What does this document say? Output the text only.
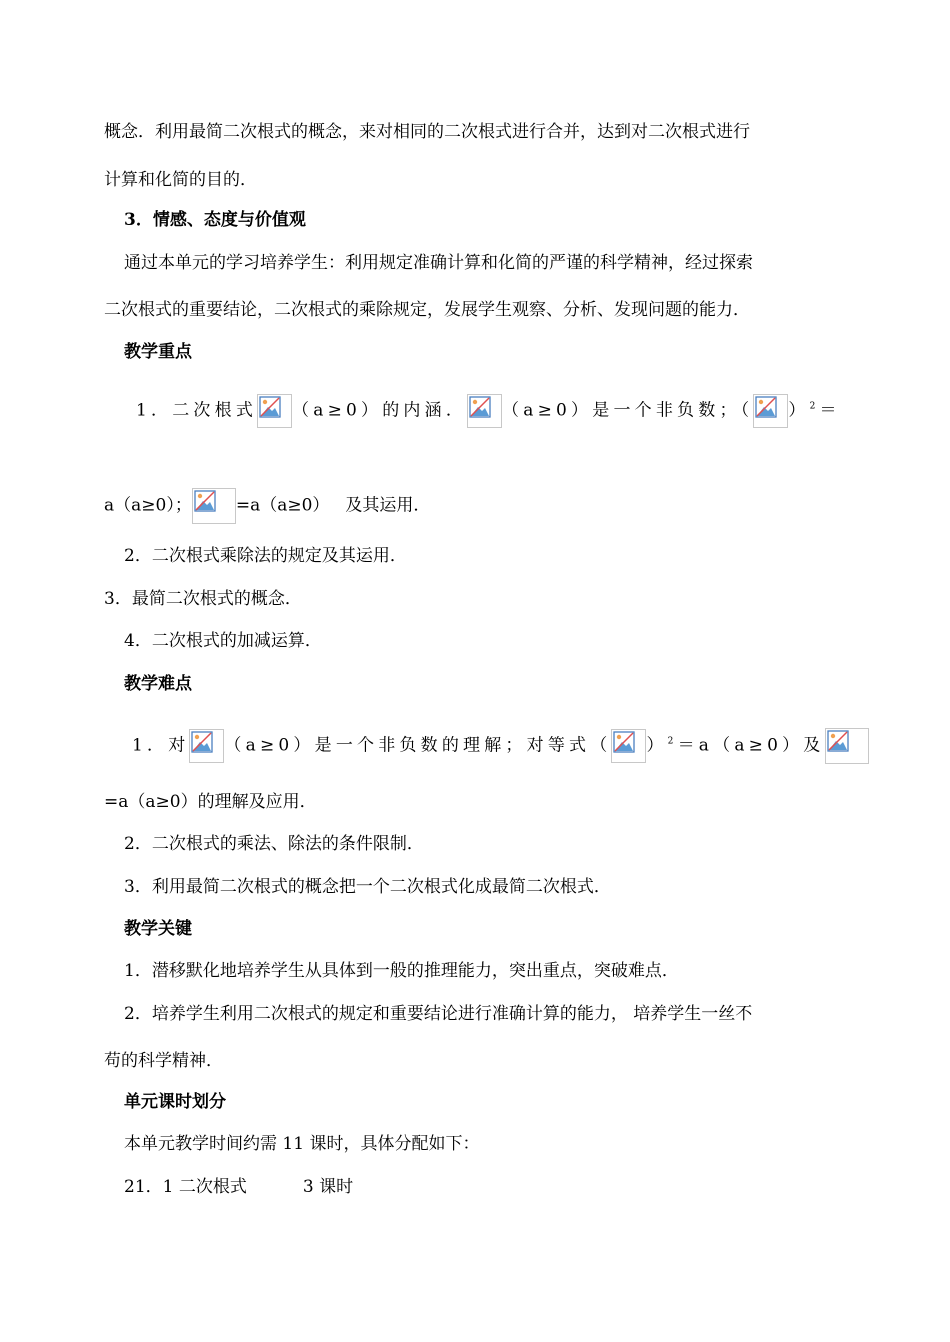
概念．利用最简二次根式的概念，来对相同的二次根式进行合并，达到对二次根式进行
计算和化简的目的．
3．情感、态度与价值观
通过本单元的学习培养学生：利用规定准确计算和化简的严谨的科学精神，经过探索
二次根式的重要结论，二次根式的乘除规定，发展学生观察、分析、发现问题的能力．
教学重点
1．二次根式 （a≥0）的内涵． （a≥0）是一个非负数；（ ）$^2$＝
a（a≥0）；	=a（a≥0） 及其运用．
2．二次根式乘除法的规定及其运用．
3．最简二次根式的概念．
4．二次根式的加减运算．
教学难点
1．对 （a≥0）是一个非负数的理解；对等式（ ）$^2$＝a（a≥0）及
=a（a≥0）的理解及应用．
2．二次根式的乘法、除法的条件限制．
3．利用最简二次根式的概念把一个二次根式化成最简二次根式．
教学关键
1．潜移默化地培养学生从具体到一般的推理能力，突出重点，突破难点．
2．培养学生利用二次根式的规定和重要结论进行准确计算的能力， 培养学生一丝不
苟的科学精神．
单元课时划分
本单元教学时间约需 11 课时，具体分配如下：
21．1 二次根式	3 课时
